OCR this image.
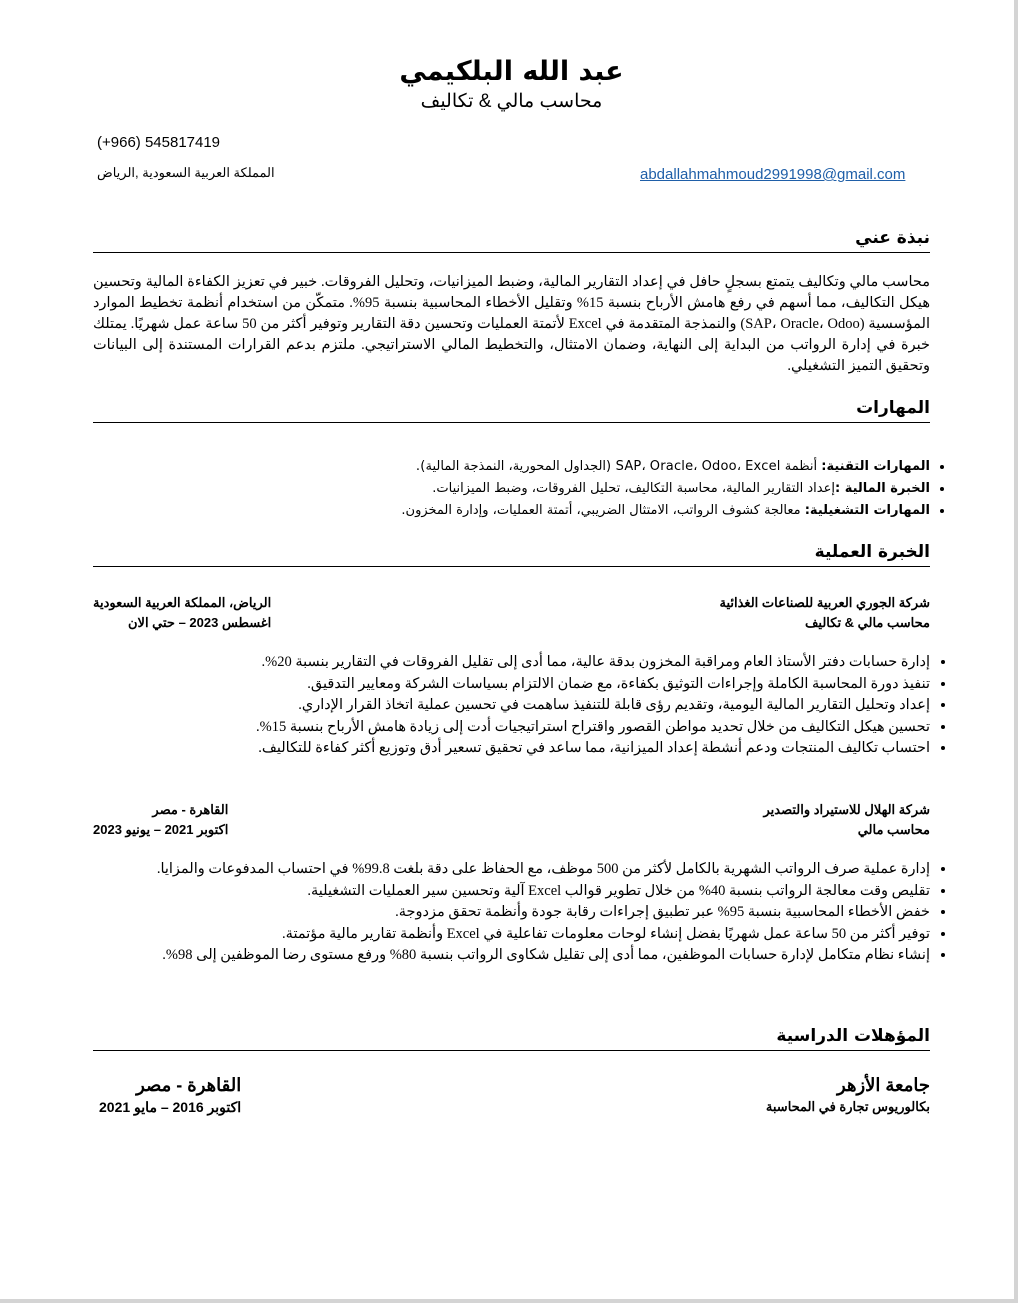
عبد الله البلكيمي
محاسب مالي & تكاليف
(+966) 545817419
المملكة العربية السعودية ,الرياض	abdallahmahmoud2991998@gmail.com
نبذة عني
محاسب مالي وتكاليف يتمتع بسجلٍ حافل في إعداد التقارير المالية، وضبط الميزانيات، وتحليل الفروقات. خبير في تعزيز الكفاءة المالية وتحسين هيكل التكاليف، مما أسهم في رفع هامش الأرباح بنسبة 15% وتقليل الأخطاء المحاسبية بنسبة 95%. متمكّن من استخدام أنظمة تخطيط الموارد المؤسسية (SAP، Oracle، Odoo) والنمذجة المتقدمة في Excel لأتمتة العمليات وتحسين دقة التقارير وتوفير أكثر من 50 ساعة عمل شهريًا. يمتلك خبرة في إدارة الرواتب من البداية إلى النهاية، وضمان الامتثال، والتخطيط المالي الاستراتيجي. ملتزم بدعم القرارات المستندة إلى البيانات وتحقيق التميز التشغيلي.
المهارات
• المهارات التقنية: أنظمة SAP، Oracle، Odoo، Excel (الجداول المحورية، النمذجة المالية).
• الخبرة المالية :إعداد التقارير المالية، محاسبة التكاليف، تحليل الفروقات، وضبط الميزانيات.
• المهارات التشغيلية: معالجة كشوف الرواتب، الامتثال الضريبي، أتمتة العمليات، وإدارة المخزون.
الخبرة العملية
شركة الجوري العربية للصناعات الغذائية
محاسب مالي & تكاليف
الرياض، المملكة العربية السعودية
اغسطس 2023 – حتي الان
• إدارة حسابات دفتر الأستاذ العام ومراقبة المخزون بدقة عالية، مما أدى إلى تقليل الفروقات في التقارير بنسبة 20%.
• تنفيذ دورة المحاسبة الكاملة وإجراءات التوثيق بكفاءة، مع ضمان الالتزام بسياسات الشركة ومعايير التدقيق.
• إعداد وتحليل التقارير المالية اليومية، وتقديم رؤى قابلة للتنفيذ ساهمت في تحسين عملية اتخاذ القرار الإداري.
• تحسين هيكل التكاليف من خلال تحديد مواطن القصور واقتراح استراتيجيات أدت إلى زيادة هامش الأرباح بنسبة 15%.
• احتساب تكاليف المنتجات ودعم أنشطة إعداد الميزانية، مما ساعد في تحقيق تسعير أدق وتوزيع أكثر كفاءة للتكاليف.
شركة الهلال للاستيراد والتصدير
محاسب مالي
القاهرة - مصر
اكتوبر 2021 – يونيو 2023
• إدارة عملية صرف الرواتب الشهرية بالكامل لأكثر من 500 موظف، مع الحفاظ على دقة بلغت 99.8% في احتساب المدفوعات والمزايا.
• تقليص وقت معالجة الرواتب بنسبة 40% من خلال تطوير قوالب Excel آلية وتحسين سير العمليات التشغيلية.
• خفض الأخطاء المحاسبية بنسبة 95% عبر تطبيق إجراءات رقابة جودة وأنظمة تحقق مزدوجة.
• توفير أكثر من 50 ساعة عمل شهريًا بفضل إنشاء لوحات معلومات تفاعلية في Excel وأنظمة تقارير مالية مؤتمتة.
• إنشاء نظام متكامل لإدارة حسابات الموظفين، مما أدى إلى تقليل شكاوى الرواتب بنسبة 80% ورفع مستوى رضا الموظفين إلى 98%.
المؤهلات الدراسية
جامعة الأزهر
بكالوريوس تجارة في المحاسبة
القاهرة - مصر
اكتوبر 2016 – مايو 2021
